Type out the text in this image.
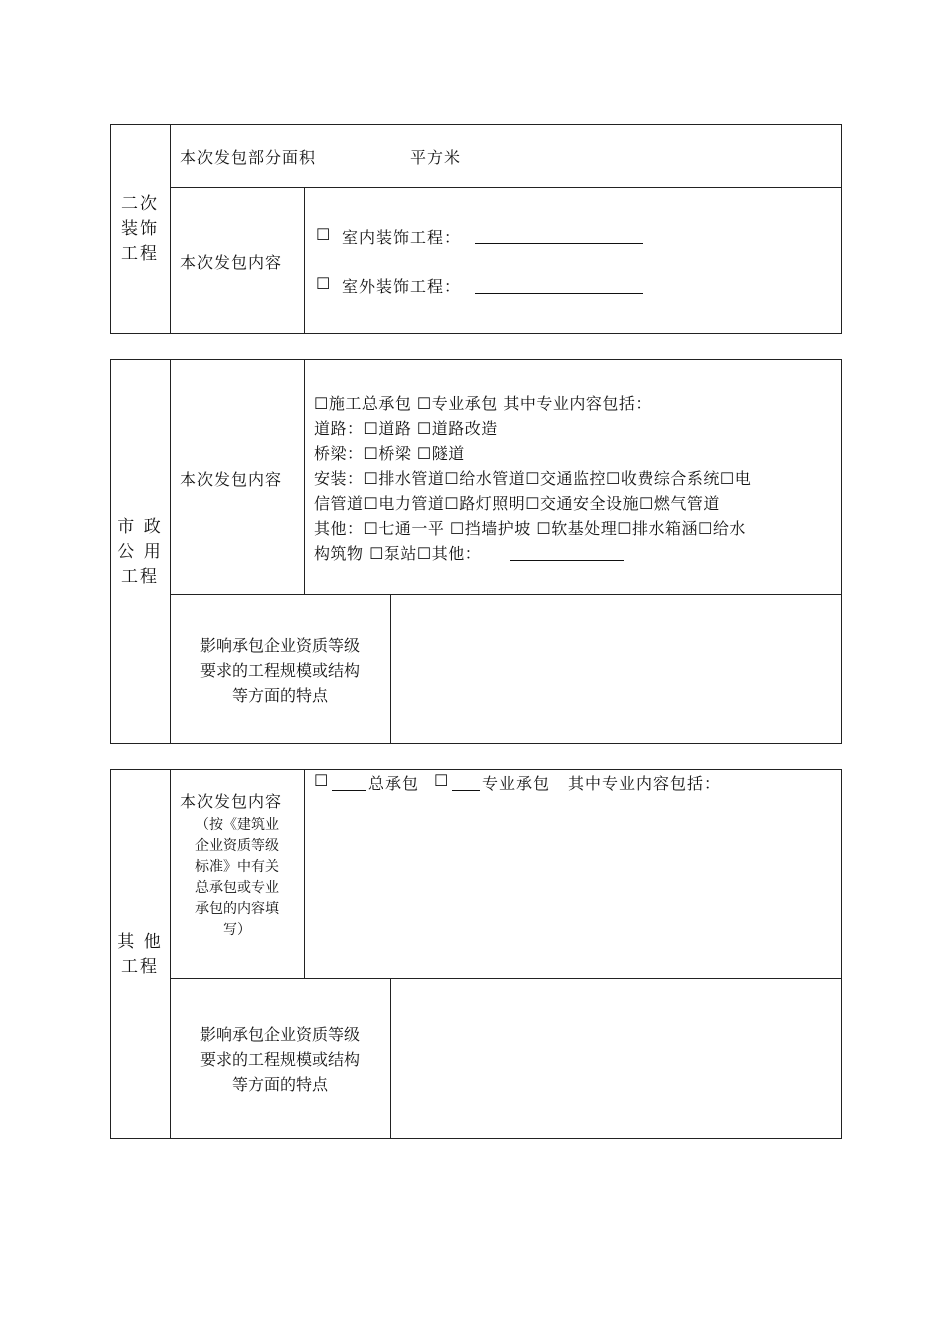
二次
装饰
工程
本次发包部分面积	平方米
本次发包内容
☐ 室内装饰工程：
☐ 室外装饰工程：
市 政
公 用
工程
本次发包内容
☐施工总承包 ☐专业承包 其中专业内容包括：
道路：☐道路 ☐道路改造
桥梁：☐桥梁 ☐隧道
安装：☐排水管道☐给水管道☐交通监控☐收费综合系统☐电
信管道☐电力管道☐路灯照明☐交通安全设施☐燃气管道
其他：☐七通一平 ☐挡墙护坡 ☐软基处理☐排水箱涵☐给水
构筑物 ☐泵站☐其他：
影响承包企业资质等级
要求的工程规模或结构
等方面的特点
其 他
工程
本次发包内容
（按《建筑业
企业资质等级
标准》中有关
总承包或专业
承包的内容填
写）
☐ 总承包 ☐ 专业承包 其中专业内容包括：
影响承包企业资质等级
要求的工程规模或结构
等方面的特点
